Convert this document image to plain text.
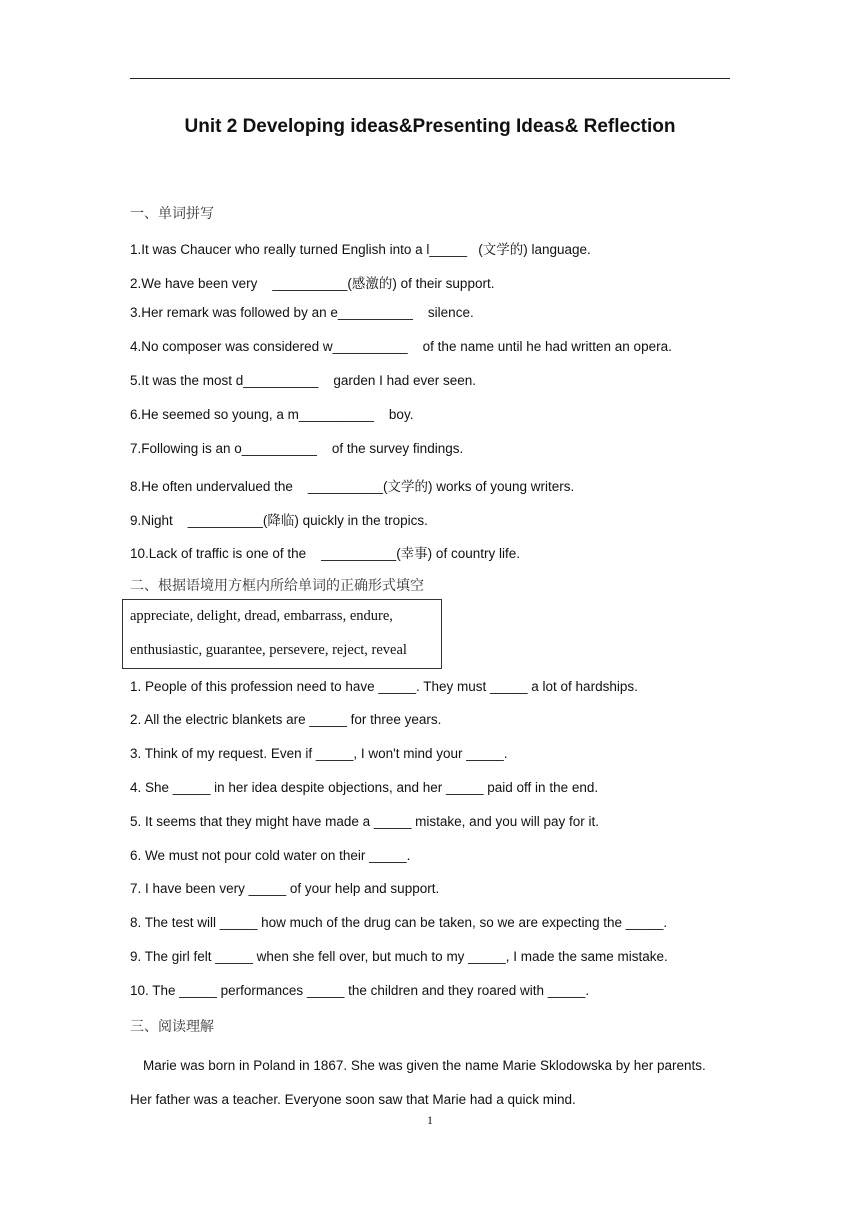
Unit 2 Developing ideas&Presenting Ideas& Reflection
一、单词拼写
1.It was Chaucer who really turned English into a l_____   (文学的) language.
2.We have been very    __________(感激的) of their support.
3.Her remark was followed by an e__________    silence.
4.No composer was considered w__________    of the name until he had written an opera.
5.It was the most d__________    garden I had ever seen.
6.He seemed so young, a m__________    boy.
7.Following is an o__________    of the survey findings.
8.He often undervalued the    __________(文学的) works of young writers.
9.Night    __________(降临) quickly in the tropics.
10.Lack of traffic is one of the    __________(幸事) of country life.
二、根据语境用方框内所给单词的正确形式填空
appreciate, delight, dread, embarrass, endure,
enthusiastic, guarantee, persevere, reject, reveal
1. People of this profession need to have _____. They must _____ a lot of hardships.
2. All the electric blankets are _____ for three years.
3. Think of my request. Even if _____, I won't mind your _____.
4. She _____ in her idea despite objections, and her _____ paid off in the end.
5. It seems that they might have made a _____ mistake, and you will pay for it.
6. We must not pour cold water on their _____.
7. I have been very _____ of your help and support.
8. The test will _____ how much of the drug can be taken, so we are expecting the _____.
9. The girl felt _____ when she fell over, but much to my _____, I made the same mistake.
10. The _____ performances _____ the children and they roared with _____.
三、阅读理解
Marie was born in Poland in 1867. She was given the name Marie Sklodowska by her parents. Her father was a teacher. Everyone soon saw that Marie had a quick mind.
1
